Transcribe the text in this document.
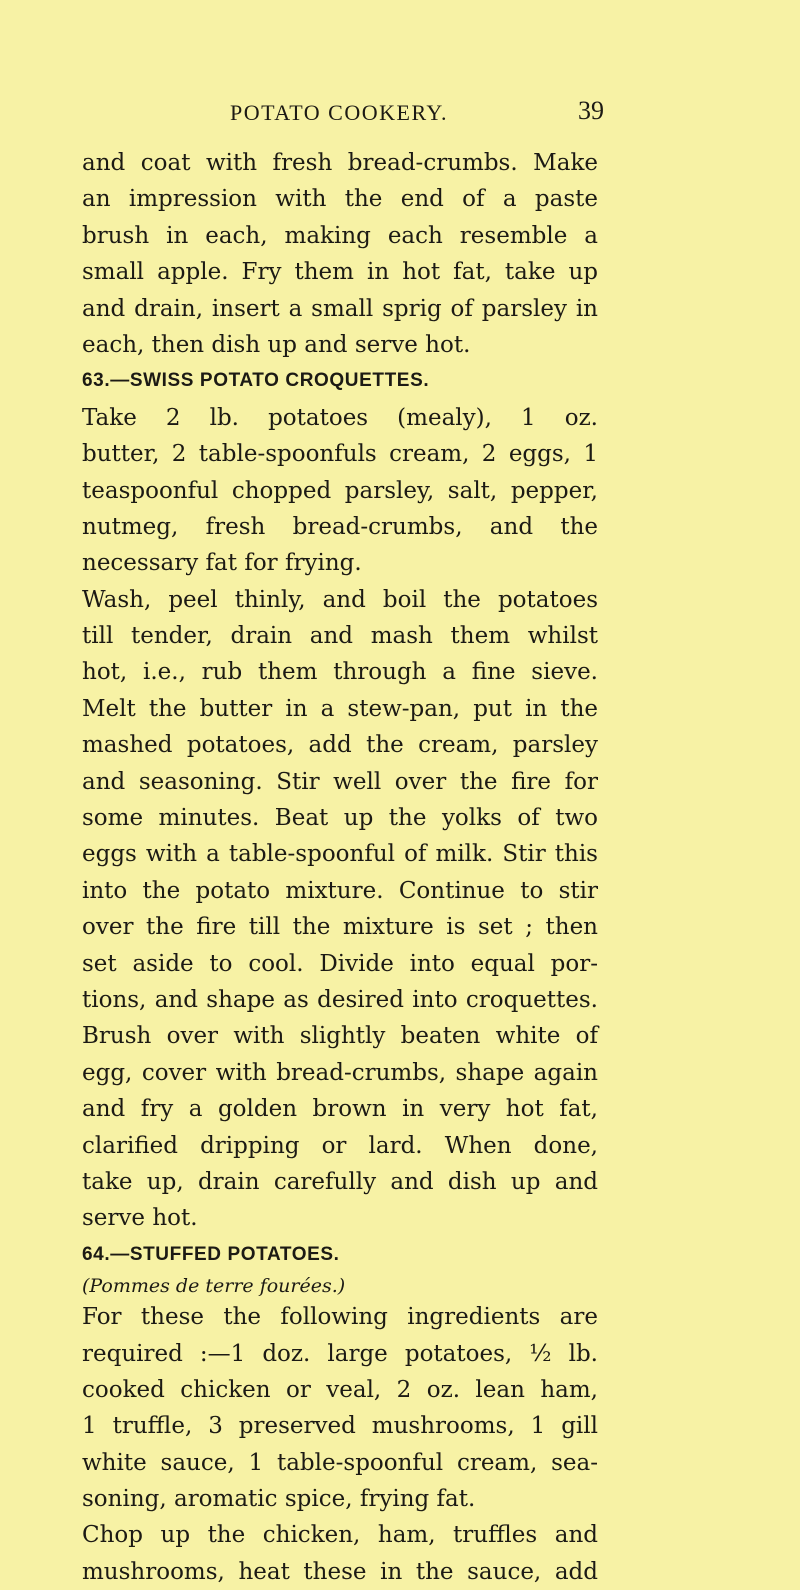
POTATO COOKERY.	39
and coat with fresh bread-crumbs. Make
an impression with the end of a paste
brush in each, making each resemble a
small apple. Fry them in hot fat, take up
and drain, insert a small sprig of parsley in
each, then dish up and serve hot.
63.—SWISS POTATO CROQUETTES.
Take 2 lb. potatoes (mealy), 1 oz.
butter, 2 table-spoonfuls cream, 2 eggs, 1
teaspoonful chopped parsley, salt, pepper,
nutmeg, fresh bread-crumbs, and the
necessary fat for frying.
Wash, peel thinly, and boil the potatoes
till tender, drain and mash them whilst
hot, i.e., rub them through a fine sieve.
Melt the butter in a stew-pan, put in the
mashed potatoes, add the cream, parsley
and seasoning. Stir well over the fire for
some minutes. Beat up the yolks of two
eggs with a table-spoonful of milk. Stir this
into the potato mixture. Continue to stir
over the fire till the mixture is set ; then
set aside to cool. Divide into equal por-
tions, and shape as desired into croquettes.
Brush over with slightly beaten white of
egg, cover with bread-crumbs, shape again
and fry a golden brown in very hot fat,
clarified dripping or lard. When done,
take up, drain carefully and dish up and
serve hot.
64.—STUFFED POTATOES.
(Pommes de terre fourées.)
For these the following ingredients are
required :—1 doz. large potatoes, ½ lb.
cooked chicken or veal, 2 oz. lean ham,
1 truffle, 3 preserved mushrooms, 1 gill
white sauce, 1 table-spoonful cream, sea-
soning, aromatic spice, frying fat.
Chop up the chicken, ham, truffles and
mushrooms, heat these in the sauce, add
